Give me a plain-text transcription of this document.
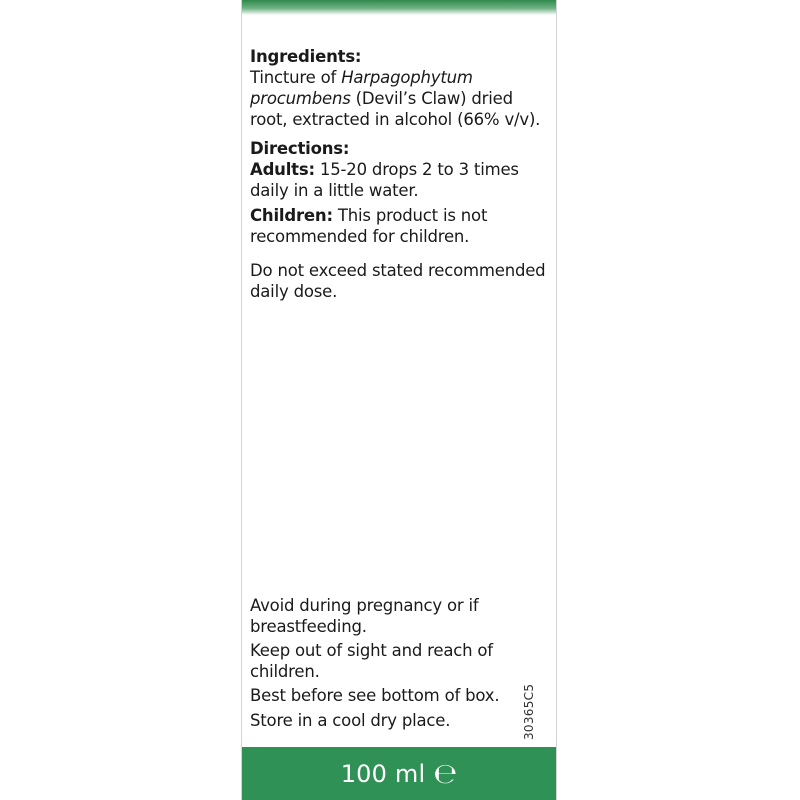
Ingredients:

Tincture of Harpagophytum procumbens (Devil’s Claw) dried root, extracted in alcohol (66% v/v).

Directions:

Adults: 15-20 drops 2 to 3 times daily in a little water.

Children: This product is not recommended for children.

Do not exceed stated recommended daily dose.

Avoid during pregnancy or if breastfeeding.

Keep out of sight and reach of children.

Best before see bottom of box.

Store in a cool dry place.	30365C5
100 ml ℮
